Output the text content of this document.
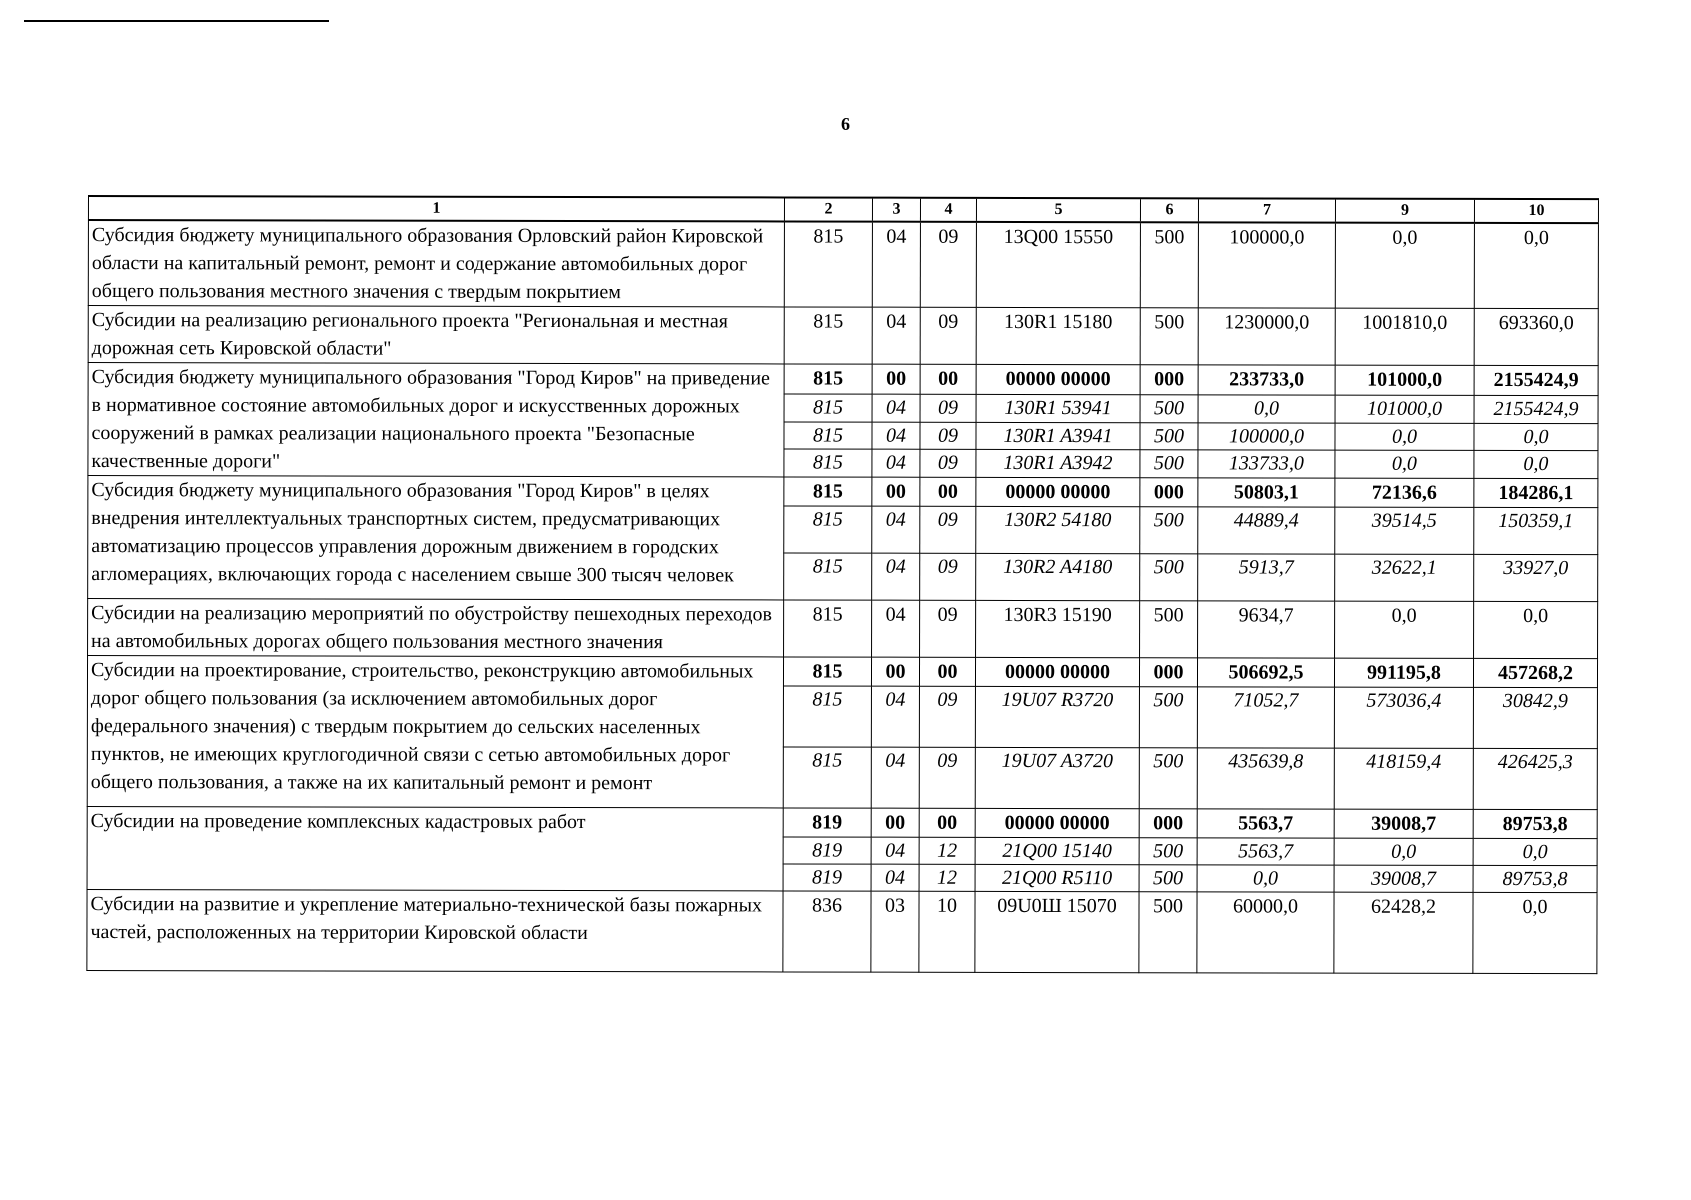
6
1	2	3	4	5	6	7	9	10
Субсидия бюджету муниципального образования Орловский район Кировской области на капитальный ремонт, ремонт и содержание автомобильных дорог общего пользования местного значения с твердым покрытием	815	04	09	13Q00 15550	500	100000,0	0,0	0,0
Субсидии на реализацию регионального проекта "Региональная и местная дорожная сеть Кировской области"	815	04	09	130R1 15180	500	1230000,0	1001810,0	693360,0
Субсидия бюджету муниципального образования "Город Киров" на приведение в нормативное состояние автомобильных дорог и искусственных дорожных сооружений в рамках реализации национального проекта "Безопасные качественные дороги"	815	00	00	00000 00000	000	233733,0	101000,0	2155424,9
	815	04	09	130R1 53941	500	0,0	101000,0	2155424,9
	815	04	09	130R1 A3941	500	100000,0	0,0	0,0
	815	04	09	130R1 A3942	500	133733,0	0,0	0,0
Субсидия бюджету муниципального образования "Город Киров" в целях внедрения интеллектуальных транспортных систем, предусматривающих автоматизацию процессов управления дорожным движением в городских агломерациях, включающих города с населением свыше 300 тысяч человек	815	00	00	00000 00000	000	50803,1	72136,6	184286,1
	815	04	09	130R2 54180	500	44889,4	39514,5	150359,1
	815	04	09	130R2 A4180	500	5913,7	32622,1	33927,0
Субсидии на реализацию мероприятий по обустройству пешеходных переходов на автомобильных дорогах общего пользования местного значения	815	04	09	130R3 15190	500	9634,7	0,0	0,0
Субсидии на проектирование, строительство, реконструкцию автомобильных дорог общего пользования (за исключением автомобильных дорог федерального значения) с твердым покрытием до сельских населенных пунктов, не имеющих круглогодичной связи с сетью автомобильных дорог общего пользования, а также на их капитальный ремонт и ремонт	815	00	00	00000 00000	000	506692,5	991195,8	457268,2
	815	04	09	19U07 R3720	500	71052,7	573036,4	30842,9
	815	04	09	19U07 A3720	500	435639,8	418159,4	426425,3
Субсидии на проведение комплексных кадастровых работ	819	00	00	00000 00000	000	5563,7	39008,7	89753,8
	819	04	12	21Q00 15140	500	5563,7	0,0	0,0
	819	04	12	21Q00 R5110	500	0,0	39008,7	89753,8
Субсидии на развитие и укрепление материально-технической базы пожарных частей, расположенных на территории Кировской области	836	03	10	09U0Ш 15070	500	60000,0	62428,2	0,0
